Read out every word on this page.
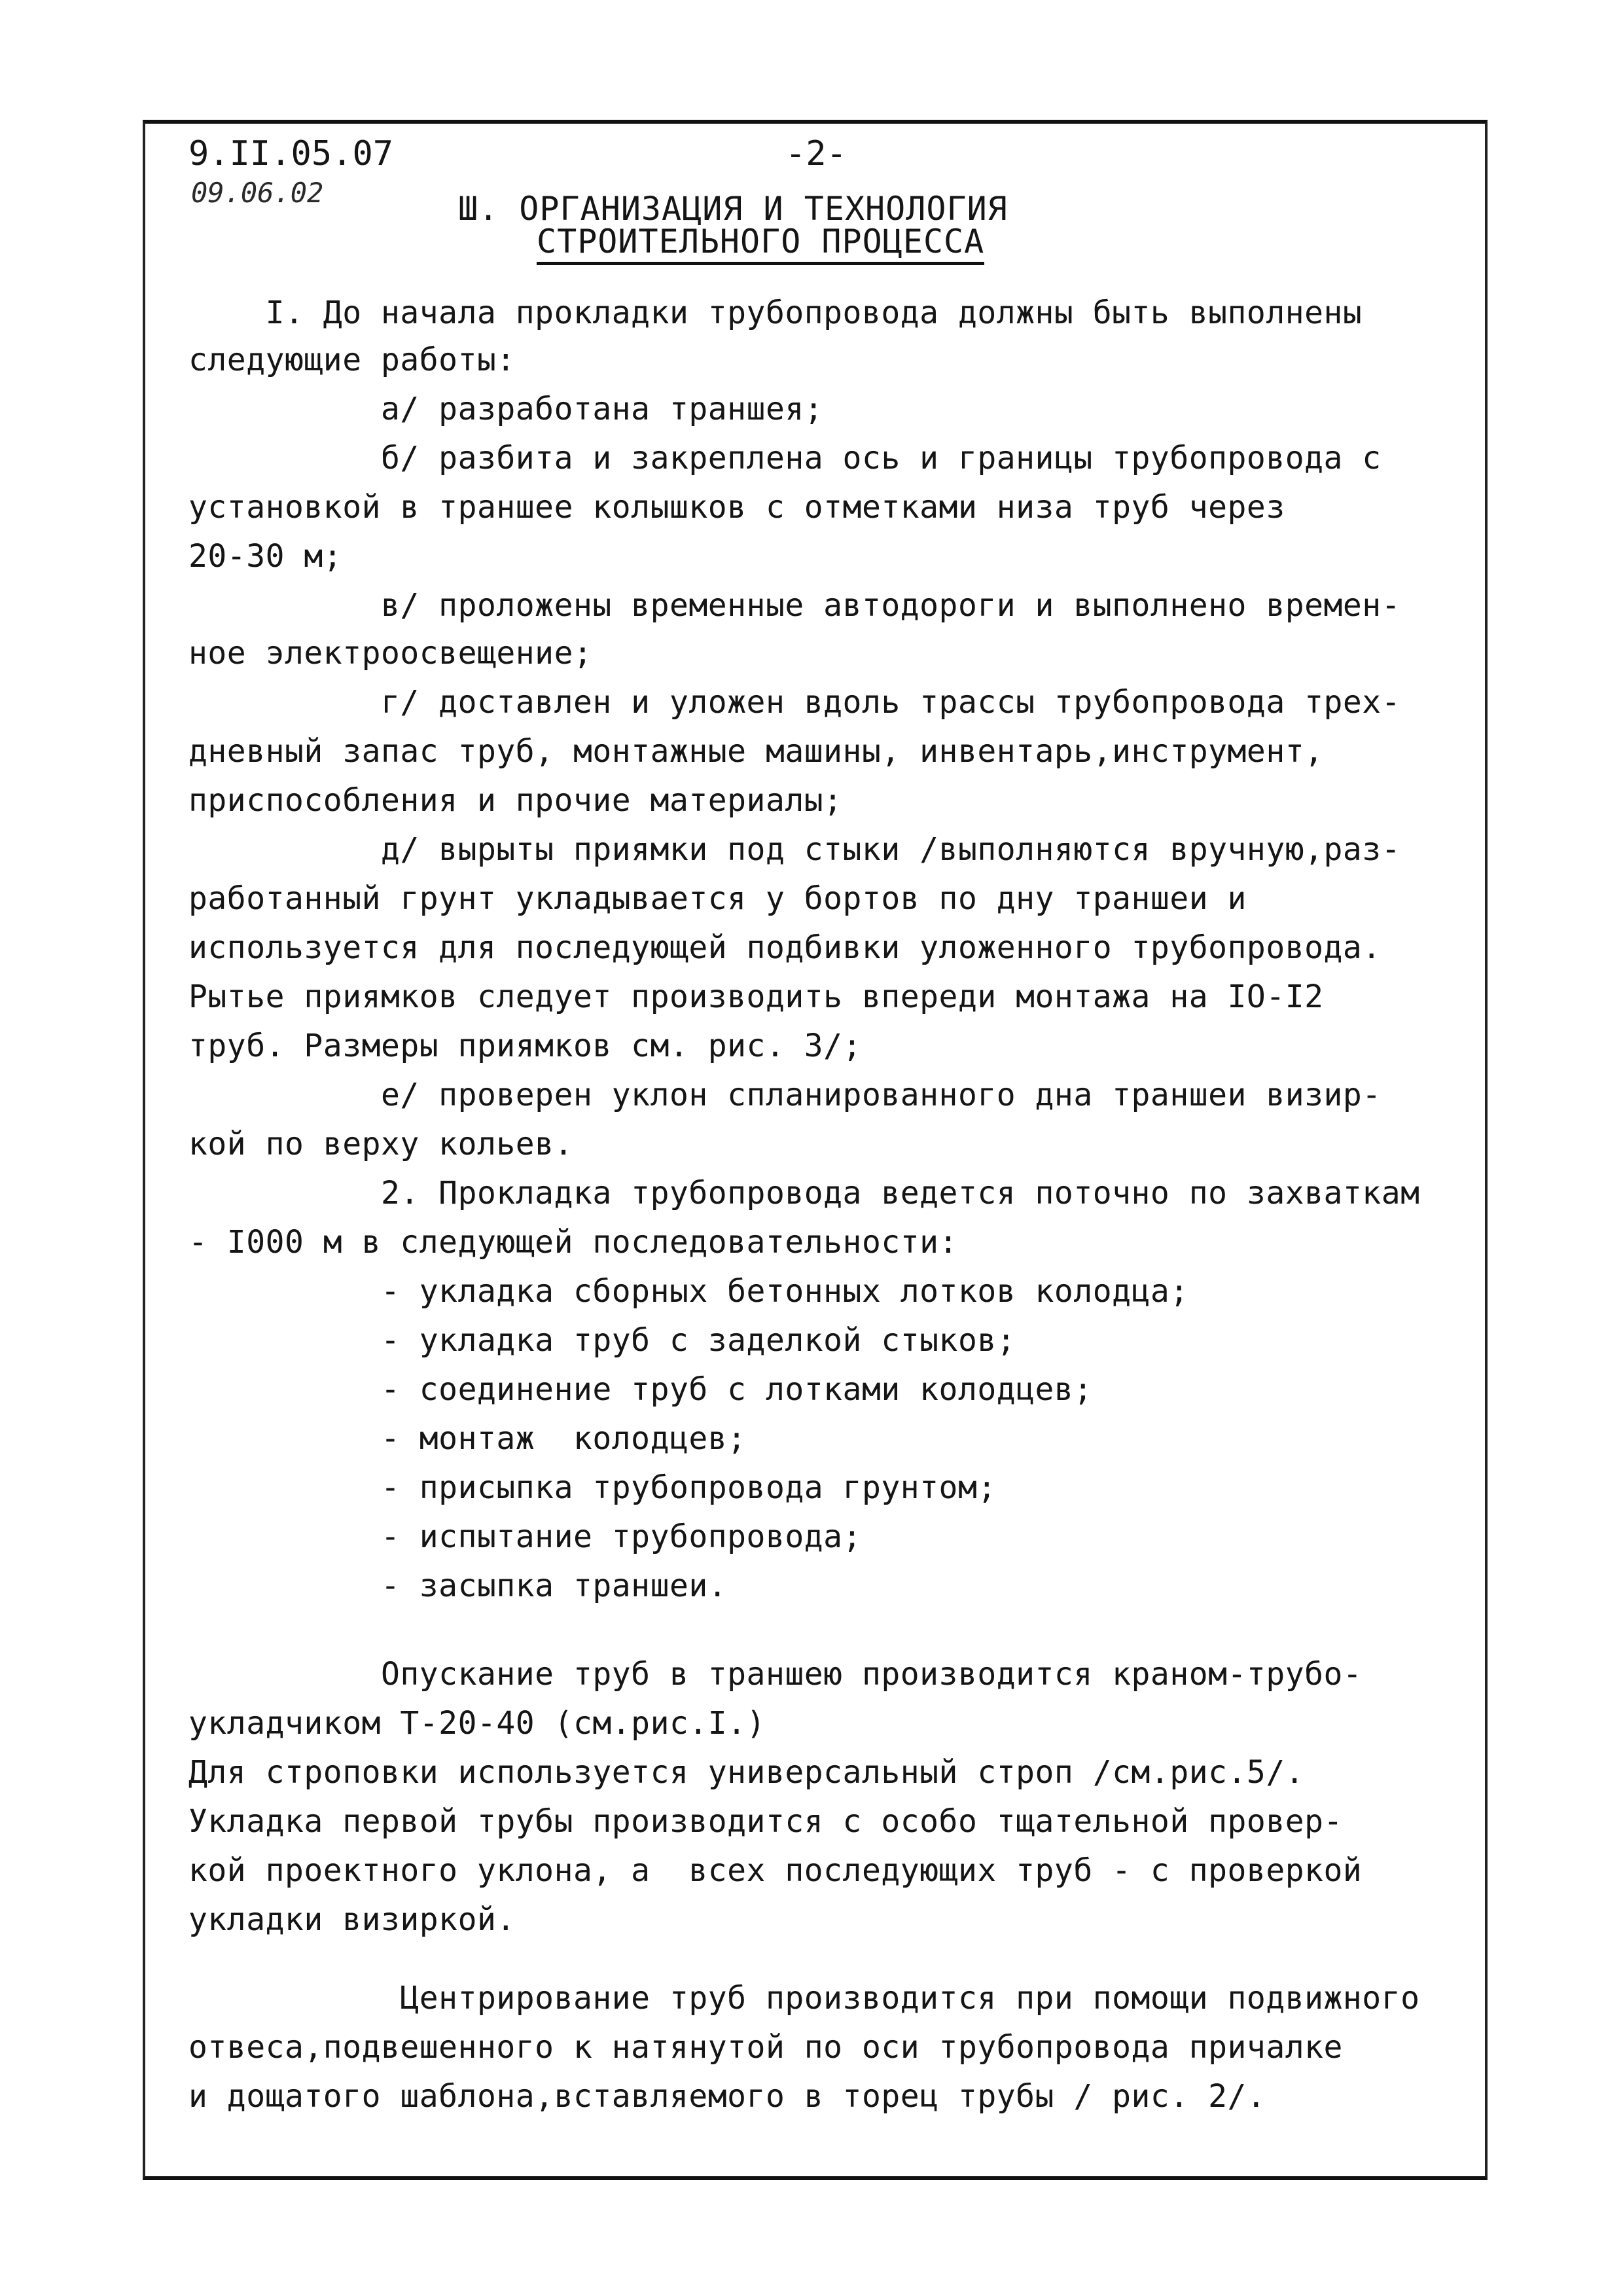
9.II.05.07
09.06.02
-2-
Ш. ОРГАНИЗАЦИЯ И ТЕХНОЛОГИЯ
СТРОИТЕЛЬНОГО ПРОЦЕССА
I. До начала прокладки трубопровода должны быть выполнены
следующие работы:
а/ разработана траншея;
б/ разбита и закреплена ось и границы трубопровода с
установкой в траншее колышков с отметками низа труб через
20-30 м;
в/ проложены временные автодороги и выполнено времен-
ное электроосвещение;
г/ доставлен и уложен вдоль трассы трубопровода трех-
дневный запас труб, монтажные машины, инвентарь,инструмент,
приспособления и прочие материалы;
д/ вырыты приямки под стыки /выполняются вручную,раз-
работанный грунт укладывается у бортов по дну траншеи и
используется для последующей подбивки уложенного трубопровода.
Рытье приямков следует производить впереди монтажа на IO-I2
труб. Размеры приямков см. рис. 3/;
е/ проверен уклон спланированного дна траншеи визир-
кой по верху кольев.
2. Прокладка трубопровода ведется поточно по захваткам
- I000 м в следующей последовательности:
- укладка сборных бетонных лотков колодца;
- укладка труб с заделкой стыков;
- соединение труб с лотками колодцев;
- монтаж  колодцев;
- присыпка трубопровода грунтом;
- испытание трубопровода;
- засыпка траншеи.
Опускание труб в траншею производится краном-трубо-
укладчиком Т-20-40 (см.рис.I.)
Для строповки используется универсальный строп /см.рис.5/.
Укладка первой трубы производится с особо тщательной провер-
кой проектного уклона, а  всех последующих труб - с проверкой
укладки визиркой.
Центрирование труб производится при помощи подвижного
отвеса,подвешенного к натянутой по оси трубопровода причалке
и дощатого шаблона,вставляемого в торец трубы / рис. 2/.
